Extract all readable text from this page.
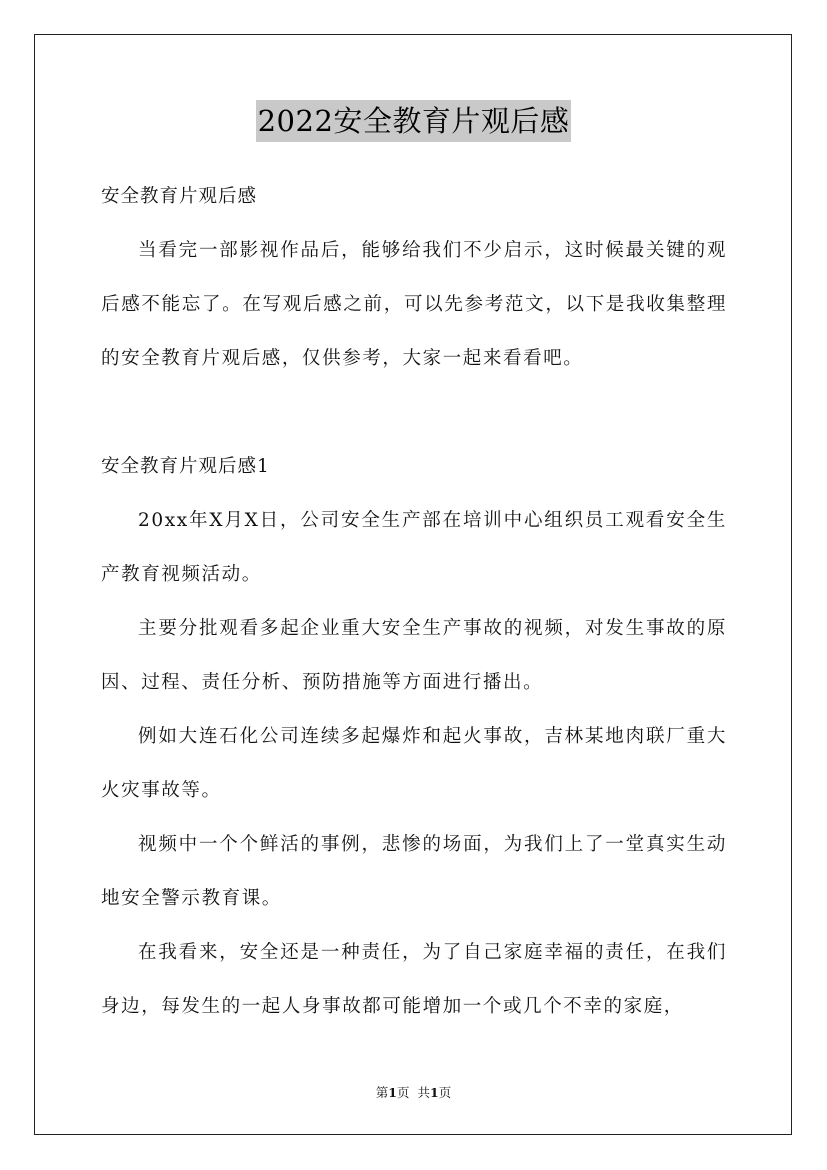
2022安全教育片观后感

安全教育片观后感

当看完一部影视作品后，能够给我们不少启示，这时候最关键的观后感不能忘了。在写观后感之前，可以先参考范文，以下是我收集整理的安全教育片观后感，仅供参考，大家一起来看看吧。

安全教育片观后感1

20xx年X月X日，公司安全生产部在培训中心组织员工观看安全生产教育视频活动。

主要分批观看多起企业重大安全生产事故的视频，对发生事故的原因、过程、责任分析、预防措施等方面进行播出。

例如大连石化公司连续多起爆炸和起火事故，吉林某地肉联厂重大火灾事故等。

视频中一个个鲜活的事例，悲惨的场面，为我们上了一堂真实生动地安全警示教育课。

在我看来，安全还是一种责任，为了自己家庭幸福的责任，在我们身边，每发生的一起人身事故都可能增加一个或几个不幸的家庭，

第1页 共1页
